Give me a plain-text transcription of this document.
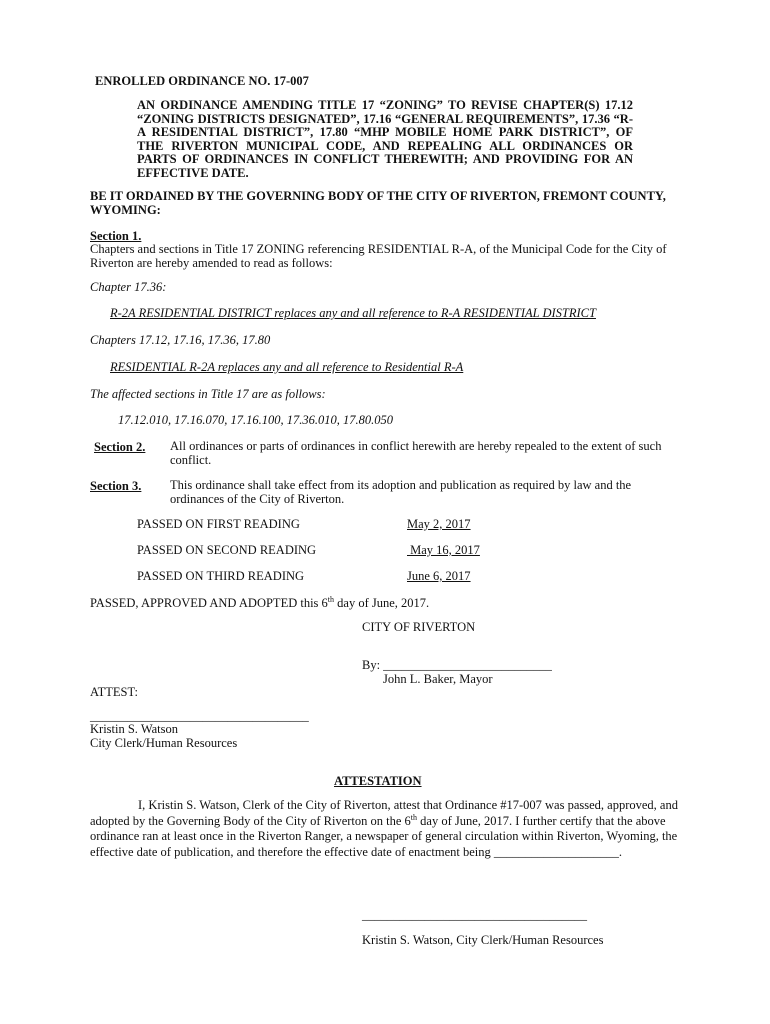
ENROLLED ORDINANCE NO. 17-007
AN ORDINANCE AMENDING TITLE 17 “ZONING” TO REVISE CHAPTER(S) 17.12 “ZONING DISTRICTS DESIGNATED”, 17.16 “GENERAL REQUIREMENTS”, 17.36 “R-A RESIDENTIAL DISTRICT”, 17.80 “MHP MOBILE HOME PARK DISTRICT”, OF THE RIVERTON MUNICIPAL CODE, AND REPEALING ALL ORDINANCES OR PARTS OF ORDINANCES IN CONFLICT THEREWITH; AND PROVIDING FOR AN EFFECTIVE DATE.
BE IT ORDAINED BY THE GOVERNING BODY OF THE CITY OF RIVERTON, FREMONT COUNTY, WYOMING:
Section 1.
Chapters and sections in Title 17 ZONING referencing RESIDENTIAL R-A, of the Municipal Code for the City of Riverton are hereby amended to read as follows:
Chapter 17.36:
R-2A RESIDENTIAL DISTRICT replaces any and all reference to R-A RESIDENTIAL DISTRICT
Chapters 17.12, 17.16, 17.36, 17.80
RESIDENTIAL R-2A replaces any and all reference to Residential R-A
The affected sections in Title 17 are as follows:
17.12.010, 17.16.070, 17.16.100, 17.36.010, 17.80.050
Section 2. All ordinances or parts of ordinances in conflict herewith are hereby repealed to the extent of such conflict.
Section 3. This ordinance shall take effect from its adoption and publication as required by law and the ordinances of the City of Riverton.
PASSED ON FIRST READING	May 2, 2017
PASSED ON SECOND READING	May 16, 2017
PASSED ON THIRD READING	June 6, 2017
PASSED, APPROVED AND ADOPTED this 6th day of June, 2017.
CITY OF RIVERTON
By: ___________________________
John L. Baker, Mayor
ATTEST:
___________________________________
Kristin S. Watson
City Clerk/Human Resources
ATTESTATION
I, Kristin S. Watson, Clerk of the City of Riverton, attest that Ordinance #17-007 was passed, approved, and adopted by the Governing Body of the City of Riverton on the 6th day of June, 2017. I further certify that the above ordinance ran at least once in the Riverton Ranger, a newspaper of general circulation within Riverton, Wyoming, the effective date of publication, and therefore the effective date of enactment being ____________________.
____________________________________
Kristin S. Watson, City Clerk/Human Resources
